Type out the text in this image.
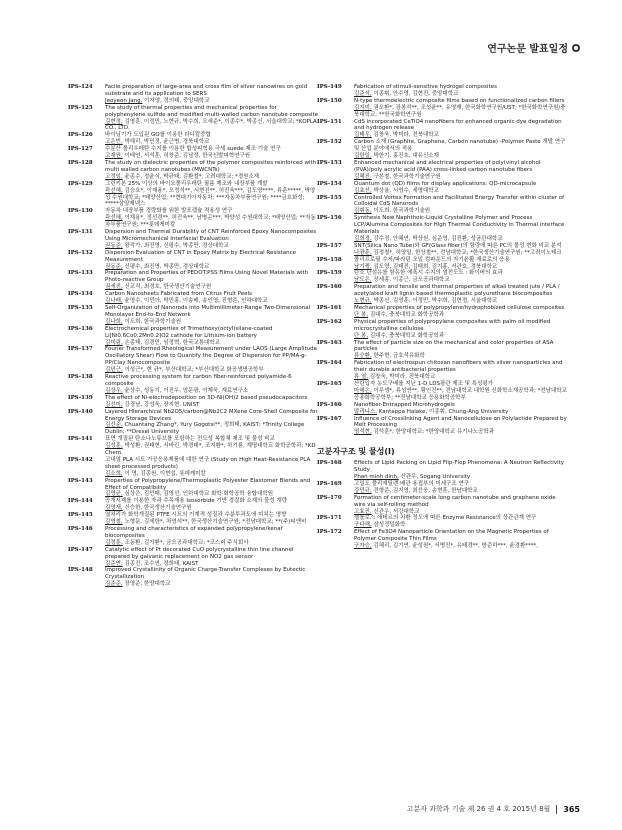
연구논문 발표일정
IPS-124	Facile preparation of large-area and cross film of silver nanowires on gold substrate and its application to SERS
Jeoyeon Jang, 이지영, 정의태, 중앙대학교
IPS-125	The study of thermal properties and mechanical properties for polyphenylene sulfide and modified multi-walled carbon nanotube composite
김현정, 김영훈, 이정민, 노현규, 박수희, 오세준*, 이종수*, 박종신, 서울대학교; *KOPLA CO., LTD.
IPS-126	바이닐기가 도입된 GO를 이용한 라디칼중합
고은빈, 박해리, 박민정, 윤근병, 경북대학교
IPS-127	수분산 폴리우레탄 수지를 이용한 합성피혁용 극세 suede 제조 기술 연구
고재원, 이태연, 서석훈, 허창준, 김남정, 한국신발피혁연구원
IPS-128	The study on dielectric properties of the polymer composites reinforced with multi walled carbon nanotubes (MWCNTs)
고정임, 윤종수, 정윤식, 박규태, 김환철*, 고려대학교; *경원소재
IPS-129	그린키본 25% 이상의 바이오폴리우레탄 필름 제조와 내장부품 개발
곽선혜, 김승호*, 이재용*, 오정석**, 서현진**, 허진욱***, 김도영****, 류훈*****, 박양성 수원대학교; *태양산업; **현대기아자동차; ***자동차부품연구원; ****금호화성; *****삼양제넥스
IPS-130	자동차 내장부품 경량화를 위한 발포캡슐 적용성 연구
곽선혜, 이재용*, 정선경**, 허진욱**, 남병곤***, 박양성 수원대학교; *태양산업; **자동차부품연구원; ***롯데케미칼
IPS-131	Dispersion and Thermal Durability of CNT Reinforced Epoxy Nanocomposites Using Micromechanical Interfacial Evaluation
권동준, 왕작가, 최진영, 신평수, 박종만, 경상대학교
IPS-132	Dispersion Evaluation of CNT in Epoxy Matrix by Electrical Resistance Measurement
권동준, 신평수, 최진영, 박종만, 경상대학교
IPS-133	Preparation and Properties of PEDOT:PSS Films Using Novel Materials with Photo-reactive Group
권세진, 신교직, 최경호, 한국생산기술연구원
IPS-134	Carbon Nanosheets Fabricated from Citrus Fruit Peels
김나래, 윤영수, 이민아, 박민홍, 이송배, 송인영, 진형준, 인하대학교
IPS-135	Self-Organization of Nanorods into Multimillimeter-Range Two-Dimensional Monolayer End-to-End Network
김나희, 이도희, 한국과학기술원
IPS-136	Electrochemical properties of Trimethoxy(octyl)silane-coated Li[Ni0.6Co0.2Mn0.2]O2 cathode for Lithium-ion battery
김미림, 손종태, 김경민, 임정혁, 한국교통대학교
IPS-137	Fourier Transformed Rheological Measurement under LAOS (Large Amplitude Oscillatory Shear) Flow to Quantify the Degree of Dispersion for PP/MA-g-PP/Clay Nanocomposite
김민근, 이성근*, 현 규*, 부산대학교; *부산대학교 화공생명공학부
IPS-138	Reactive processing system for carbon fiber-reinforced polyamide-6 composite
김상우, 윤상수, 성동기, 이진우, 엄문광, 이제욱, 재료연구소
IPS-139	The effect of Ni-electrodeposition on 3D-Ni(OH)2 based pseudocapacitors
김선미, 강경남, 강성욱, 장지현, UNIST
IPS-140	Layered Hierarchical Nb2O5/carbon@Nb2C2 MXene Core-Shell Composite for Energy Storage Devices
김선준, Chuantang Zhang*, Yury Gogotsi**, 정희태, KAIST; *Trinity College Dublin; **Drexel University
IPS-141	표면 개질된 탄소나노튜브를 포함하는 전도성 복합체 제조 및 물성 비교
김성훈, 박성환, 권태현, 서바킨, 박경태*, 조지환*, 하기룡, 계명대학교 화학공학과; *KD Chem.
IPS-142	고내열 PLA 시트 가공응용제품에 대한 연구 (Study on High Heat-Resistance PLA sheet processed products)
김소희, 이 영, 김종원, 이현섭, 롯데케미칼
IPS-143	Properties of Polypropylene/Thermoplastic Polyester Elastomer Blends and Effect of Compatibility
김영균, 심상은, 김민태, 김영선, 인하대학교 화학·화학공학 융합대학원
IPS-144	공개시제를 이용한 자과 수목재용 Isosorbide 기반 경질화 소재의 물성 개량
김영재, 신승한, 한국생산기술연구원
IPS-145	열처리가 화학개질된 PTFE 시트의 기계적 성질과 수분투과도에 미치는 영향
김영철, 노형문, 김세한*, 차영석**, 한국생산기술연구원; *전남대학교; **(주)티앤비
IPS-146	Processing and characteristics of expanded polypropylene/kenaf biocomposites
김정훈, 조동환, 김기환*, 금오공과대학교; *코스퍼 주식회사
IPS-147	Catalytic effect of Pt decorated CuO polycrystalline thin line channel prepared by galvanic replacement on NO2 gas sensor
김준연, 김종진, 조수연, 정희태, KAIST
IPS-148	Improved Crystallinity of Organic Charge-Transfer Complexes by Eutectic Crystallization
김준준, 장영준, 한양대학교
IPS-149	Fabrication of stimuli-sensitive hydrogel composites
김준석, 이종휘, 안수영, 김현진, 중앙대학교
IPS-150	N-type thermoelectric composite films based on functionalized carbon fillers
김지미, 권오환*, 장봉석**, 조성윤**, 유영재, 한국화학연구원/UST; *한국화학연구원/충북대학교; **한국화학연구원
IPS-151	CdS incorporated CeTiO4 nanofibers for enhanced organic dye degradation and hydrogen release
김태우, 김창욱, 박미라, 전북대학교
IPS-152	Carbon 소재 (Graphite, Graphene, Carbon nanotube) -Polymer Paste 개발 연구 및 산업 분야에서의 적용
김한일, 박한기, 홍진호, 대유신소재
IPS-153	Enhanced mechanical and electrical properties of poly(vinyl alcohol (PVA)/poly acrylic acid (PAA) cross-linked carbon nanotube fibers
김혜진, 구본철, 한국과학기술연구원
IPS-154	Quantum dot (QD) films for display applications: QD-microcapsule
김효선, 박상율, 서영수, 세명대학교
IPS-155	Controlled Vortex Formation and Facilitated Energy Transfer within cluster of Colloidal CdS Nanorods
김휘동, 이도희, 한국과학기술원
IPS-156	Synthesis New Naphthoic-Liquid Crystalline Polymer and Process LCP/Alumina Composites for High Thermal Conductivity in Thermal interface Materials
김희경, 강수정, 안혜연, 박상원, 심준영, 김진환, 성균관대학교
IPS-157	SNT(Silica Nano Tube)와 GF(Glass fiber)의 함량에 따른 PC의 물성 변화 비교 분석
나광훈, 김정철*, 허양일, 한상철**, 전남대학교; *한국생산기술연구원; **고려이노테크
IPS-158	폴리프로필 수지/파라핀 오일 컴파운드의 자기윤활 재료로의 응용
남기쩡, 김도영, 김태진, 김태희, 김기홍, 서관호, 경북대학교
IPS-159	탄소 단섬유를 함유한 에폭시 수지의 열전도도 : 화이버의 효과
남도은, 장세홍, 이종근, 금오공과대학교
IPS-160	Preparation and tensile and thermal properties of alkali treated jute / PLA / acetylated kraft lignin based thermoplastic polyurethane biocomposites
노현규, 박종신, 김영훈, 이정민, 박수희, 김현정, 서울대학교
IPS-161	Mechanical properties of polypropylene/hydrophobized cellulose composites
단 봉, 김대수, 충북대학교 화학공학과
IPS-162	Physical properties of polypropylene composites with palm oil modified microcrystalline cellulose
단 봉, 김대수, 충북대학교 화학공학과
IPS-163	The effect of particle size on the mechanical and color properties of ASA particles
류승환, 한주현, 금호석유화학
IPS-164	Fabrication of electrospun chitosan nanofibers with silver nanoparticles and their durable antibacterial properties
류 열, 김창욱, 박미라, 전북대학교
IPS-165	산란입자 농도구배를 지닌 1-D LDS광관 제조 및 특성평가
마혜손, 이무생*, 류성연**, 황인진**, 전남대학교 대학원 신화학소재공학과; *전남대학교 응용화학공학부; **전남대학교 응용화학공학부
IPS-166	Nanofiber-Entrapped Microhydrogels
말리니스, Kantappa Halake, 이종휘, Chung-Ang University
IPS-167	Influence of Crosslinking Agent and Nanocellulose on Polylactide Prepared by Melt Processing
명석현, 김석훈*, 한양대학교; *한양대학교 유기나노공학과
고분자구조 및 물성(I)
IPS-168	Effects of Lipid Packing on Lipid Flip-Flop Phenomena: A Neutron Reflectivity Study
Phan minh dinh, 신관우, Sogang University
IPS-169	고밀도 폴리에틸렌 배관 용접부의 미세구조 연구
강민규, 전형준, 김지영, 최선웅, 송현훈, 한남대학교
IPS-170	Formation of centimeter-scale long carbon nanotube and graphene oxide wire via self-rolling method
고효진, 신관우, 서강대학교
IPS-171	셀룰로스 에테르의 치환 정도에 따른 Enzyme Resistance의 상관관계 연구
구다해, 삼성정밀화학
IPS-172	Effect of Fe3O4 Nanoparticle Orientation on the Magnetic Properties of Polymer Composite Thin Films
구자승, 김혜리, 김기연, 윤성원*, 서병진*, 유태경**, 방준하***, 윤경환****,
고분자 과학과 기술 제 26 권 4 호 2015년 8월 365
